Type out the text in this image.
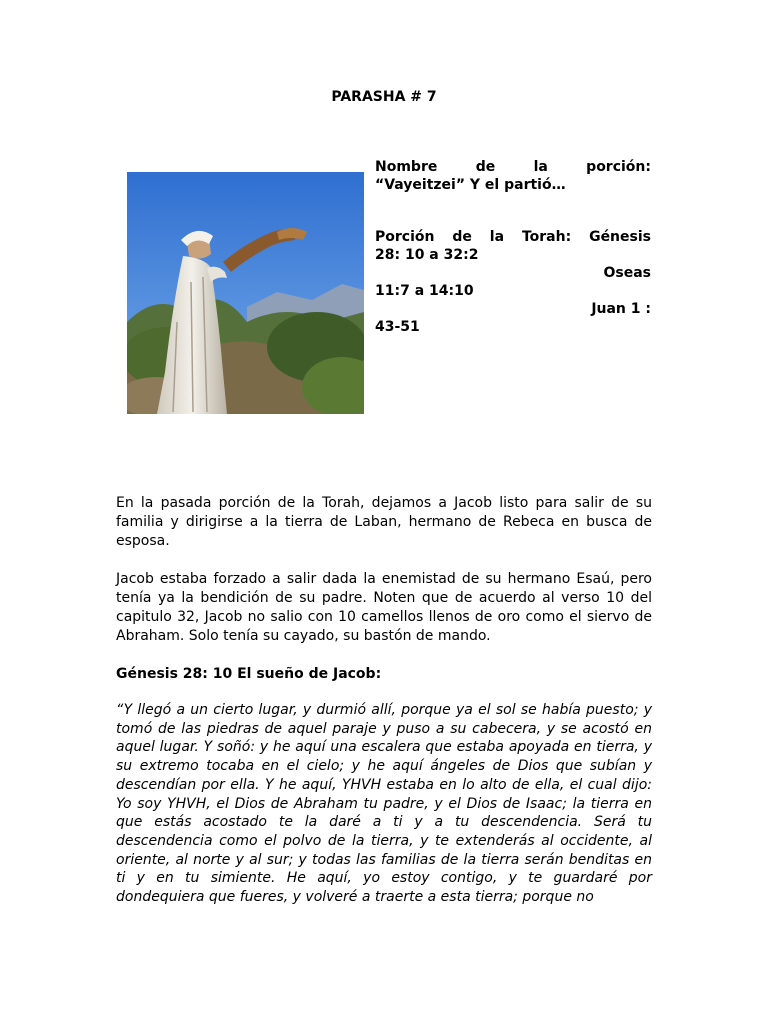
PARASHA # 7

Nombre de la porción:

“Vayeitzei” Y el partió…

Porción de la Torah: Génesis

28: 10 a 32:2

Oseas

11:7 a 14:10

Juan 1 :

43-51

En la pasada porción de la Torah, dejamos a Jacob listo para salir de su familia y dirigirse a la tierra de Laban, hermano de Rebeca en busca de esposa.

Jacob estaba forzado a salir dada la enemistad de su hermano Esaú, pero tenía ya la bendición de su padre. Noten que de acuerdo al verso 10 del capitulo 32, Jacob no salio con 10 camellos llenos de oro como el siervo de Abraham. Solo tenía su cayado, su bastón de mando.

Génesis 28: 10 El sueño de Jacob:

“Y llegó a un cierto lugar, y durmió allí, porque ya el sol se había puesto; y tomó de las piedras de aquel paraje y puso a su cabecera, y se acostó en aquel lugar. Y soñó: y he aquí una escalera que estaba apoyada en tierra, y su extremo tocaba en el cielo; y he aquí ángeles de Dios que subían y descendían por ella. Y he aquí, YHVH estaba en lo alto de ella, el cual dijo: Yo soy YHVH, el Dios de Abraham tu padre, y el Dios de Isaac; la tierra en que estás acostado te la daré a ti y a tu descendencia. Será tu descendencia como el polvo de la tierra, y te extenderás al occidente, al oriente, al norte y al sur; y todas las familias de la tierra serán benditas en ti y en tu simiente. He aquí, yo estoy contigo, y te guardaré por dondequiera que fueres, y volveré a traerte a esta tierra; porque no
